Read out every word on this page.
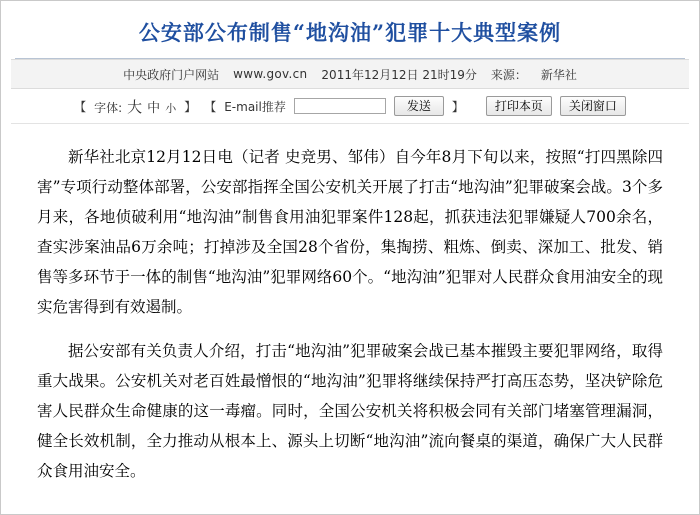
公安部公布制售“地沟油”犯罪十大典型案例
中央政府门户网站 www.gov.cn 2011年12月12日 21时19分 来源： 新华社
【 字体: 大 中 小 】 【 E-mail推荐	发送	】	打印本页	关闭窗口

新华社北京12月12日电（记者 史竞男、邹伟）自今年8月下旬以来，按照“打四黑除四害”专项行动整体部署，公安部指挥全国公安机关开展了打击“地沟油”犯罪破案会战。3个多月来，各地侦破利用“地沟油”制售食用油犯罪案件128起，抓获违法犯罪嫌疑人700余名，查实涉案油品6万余吨；打掉涉及全国28个省份，集掏捞、粗炼、倒卖、深加工、批发、销售等多环节于一体的制售“地沟油”犯罪网络60个。“地沟油”犯罪对人民群众食用油安全的现实危害得到有效遏制。

据公安部有关负责人介绍，打击“地沟油”犯罪破案会战已基本摧毁主要犯罪网络，取得重大战果。公安机关对老百姓最憎恨的“地沟油”犯罪将继续保持严打高压态势，坚决铲除危害人民群众生命健康的这一毒瘤。同时，全国公安机关将积极会同有关部门堵塞管理漏洞，健全长效机制，全力推动从根本上、源头上切断“地沟油”流向餐桌的渠道，确保广大人民群众食用油安全。
